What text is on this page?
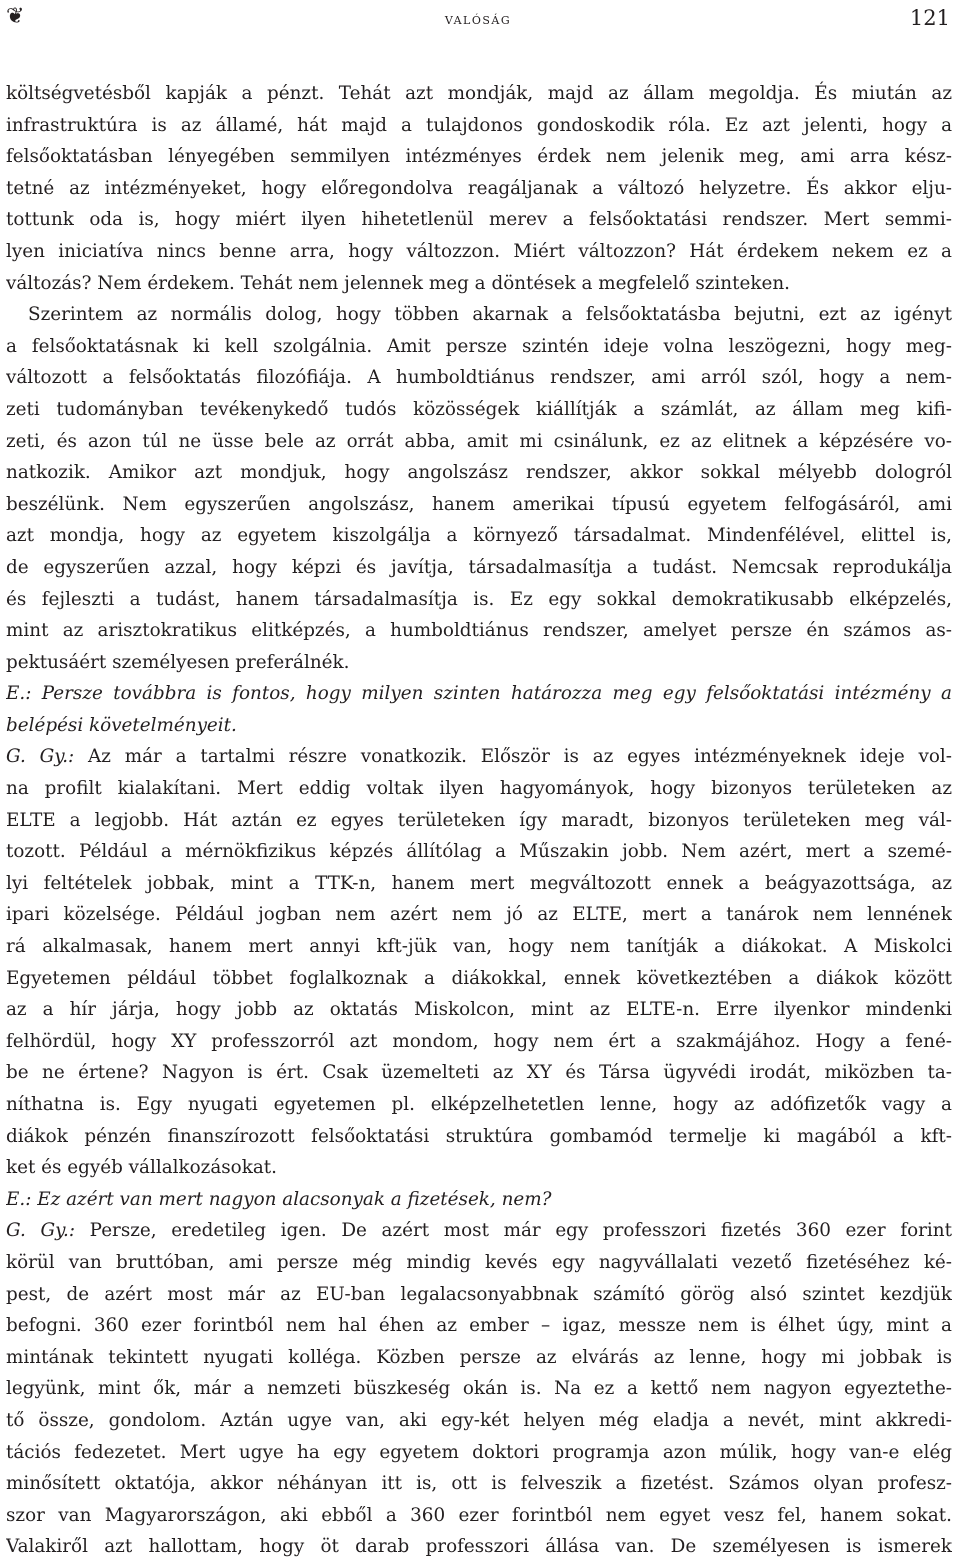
❦	valóság	121
költségvetésből kapják a pénzt. Tehát azt mondják, majd az állam megoldja. És miután az
infrastruktúra is az államé, hát majd a tulajdonos gondoskodik róla. Ez azt jelenti, hogy a
felsőoktatásban lényegében semmilyen intézményes érdek nem jelenik meg, ami arra kész-
tetné az intézményeket, hogy előregondolva reagáljanak a változó helyzetre. És akkor elju-
tottunk oda is, hogy miért ilyen hihetetlenül merev a felsőoktatási rendszer. Mert semmi-
lyen iniciatíva nincs benne arra, hogy változzon. Miért változzon? Hát érdekem nekem ez a
változás? Nem érdekem. Tehát nem jelennek meg a döntések a megfelelő szinteken.
Szerintem az normális dolog, hogy többen akarnak a felsőoktatásba bejutni, ezt az igényt
a felsőoktatásnak ki kell szolgálnia. Amit persze szintén ideje volna leszögezni, hogy meg-
változott a felsőoktatás filozófiája. A humboldtiánus rendszer, ami arról szól, hogy a nem-
zeti tudományban tevékenykedő tudós közösségek kiállítják a számlát, az állam meg kifi-
zeti, és azon túl ne üsse bele az orrát abba, amit mi csinálunk, ez az elitnek a képzésére vo-
natkozik. Amikor azt mondjuk, hogy angolszász rendszer, akkor sokkal mélyebb dologról
beszélünk. Nem egyszerűen angolszász, hanem amerikai típusú egyetem felfogásáról, ami
azt mondja, hogy az egyetem kiszolgálja a környező társadalmat. Mindenfélével, elittel is,
de egyszerűen azzal, hogy képzi és javítja, társadalmasítja a tudást. Nemcsak reprodukálja
és fejleszti a tudást, hanem társadalmasítja is. Ez egy sokkal demokratikusabb elképzelés,
mint az arisztokratikus elitképzés, a humboldtiánus rendszer, amelyet persze én számos as-
pektusáért személyesen preferálnék.
E.: Persze továbbra is fontos, hogy milyen szinten határozza meg egy felsőoktatási intézmény a
belépési követelményeit.
G. Gy.: Az már a tartalmi részre vonatkozik. Először is az egyes intézményeknek ideje vol-
na profilt kialakítani. Mert eddig voltak ilyen hagyományok, hogy bizonyos területeken az
ELTE a legjobb. Hát aztán ez egyes területeken így maradt, bizonyos területeken meg vál-
tozott. Például a mérnökfizikus képzés állítólag a Műszakin jobb. Nem azért, mert a szemé-
lyi feltételek jobbak, mint a TTK-n, hanem mert megváltozott ennek a beágyazottsága, az
ipari közelsége. Például jogban nem azért nem jó az ELTE, mert a tanárok nem lennének
rá alkalmasak, hanem mert annyi kft-jük van, hogy nem tanítják a diákokat. A Miskolci
Egyetemen például többet foglalkoznak a diákokkal, ennek következtében a diákok között
az a hír járja, hogy jobb az oktatás Miskolcon, mint az ELTE-n. Erre ilyenkor mindenki
felhördül, hogy XY professzorról azt mondom, hogy nem ért a szakmájához. Hogy a fené-
be ne értene? Nagyon is ért. Csak üzemelteti az XY és Társa ügyvédi irodát, miközben ta-
níthatna is. Egy nyugati egyetemen pl. elképzelhetetlen lenne, hogy az adófizetők vagy a
diákok pénzén finanszírozott felsőoktatási struktúra gombamód termelje ki magából a kft-
ket és egyéb vállalkozásokat.
E.: Ez azért van mert nagyon alacsonyak a fizetések, nem?
G. Gy.: Persze, eredetileg igen. De azért most már egy professzori fizetés 360 ezer forint
körül van bruttóban, ami persze még mindig kevés egy nagyvállalati vezető fizetéséhez ké-
pest, de azért most már az EU-ban legalacsonyabbnak számító görög alsó szintet kezdjük
befogni. 360 ezer forintból nem hal éhen az ember – igaz, messze nem is élhet úgy, mint a
mintának tekintett nyugati kolléga. Közben persze az elvárás az lenne, hogy mi jobbak is
legyünk, mint ők, már a nemzeti büszkeség okán is. Na ez a kettő nem nagyon egyeztethe-
tő össze, gondolom. Aztán ugye van, aki egy-két helyen még eladja a nevét, mint akkredi-
tációs fedezetet. Mert ugye ha egy egyetem doktori programja azon múlik, hogy van-e elég
minősített oktatója, akkor néhányan itt is, ott is felveszik a fizetést. Számos olyan profesz-
szor van Magyarországon, aki ebből a 360 ezer forintból nem egyet vesz fel, hanem sokat.
Valakiről azt hallottam, hogy öt darab professzori állása van. De személyesen is ismerek
